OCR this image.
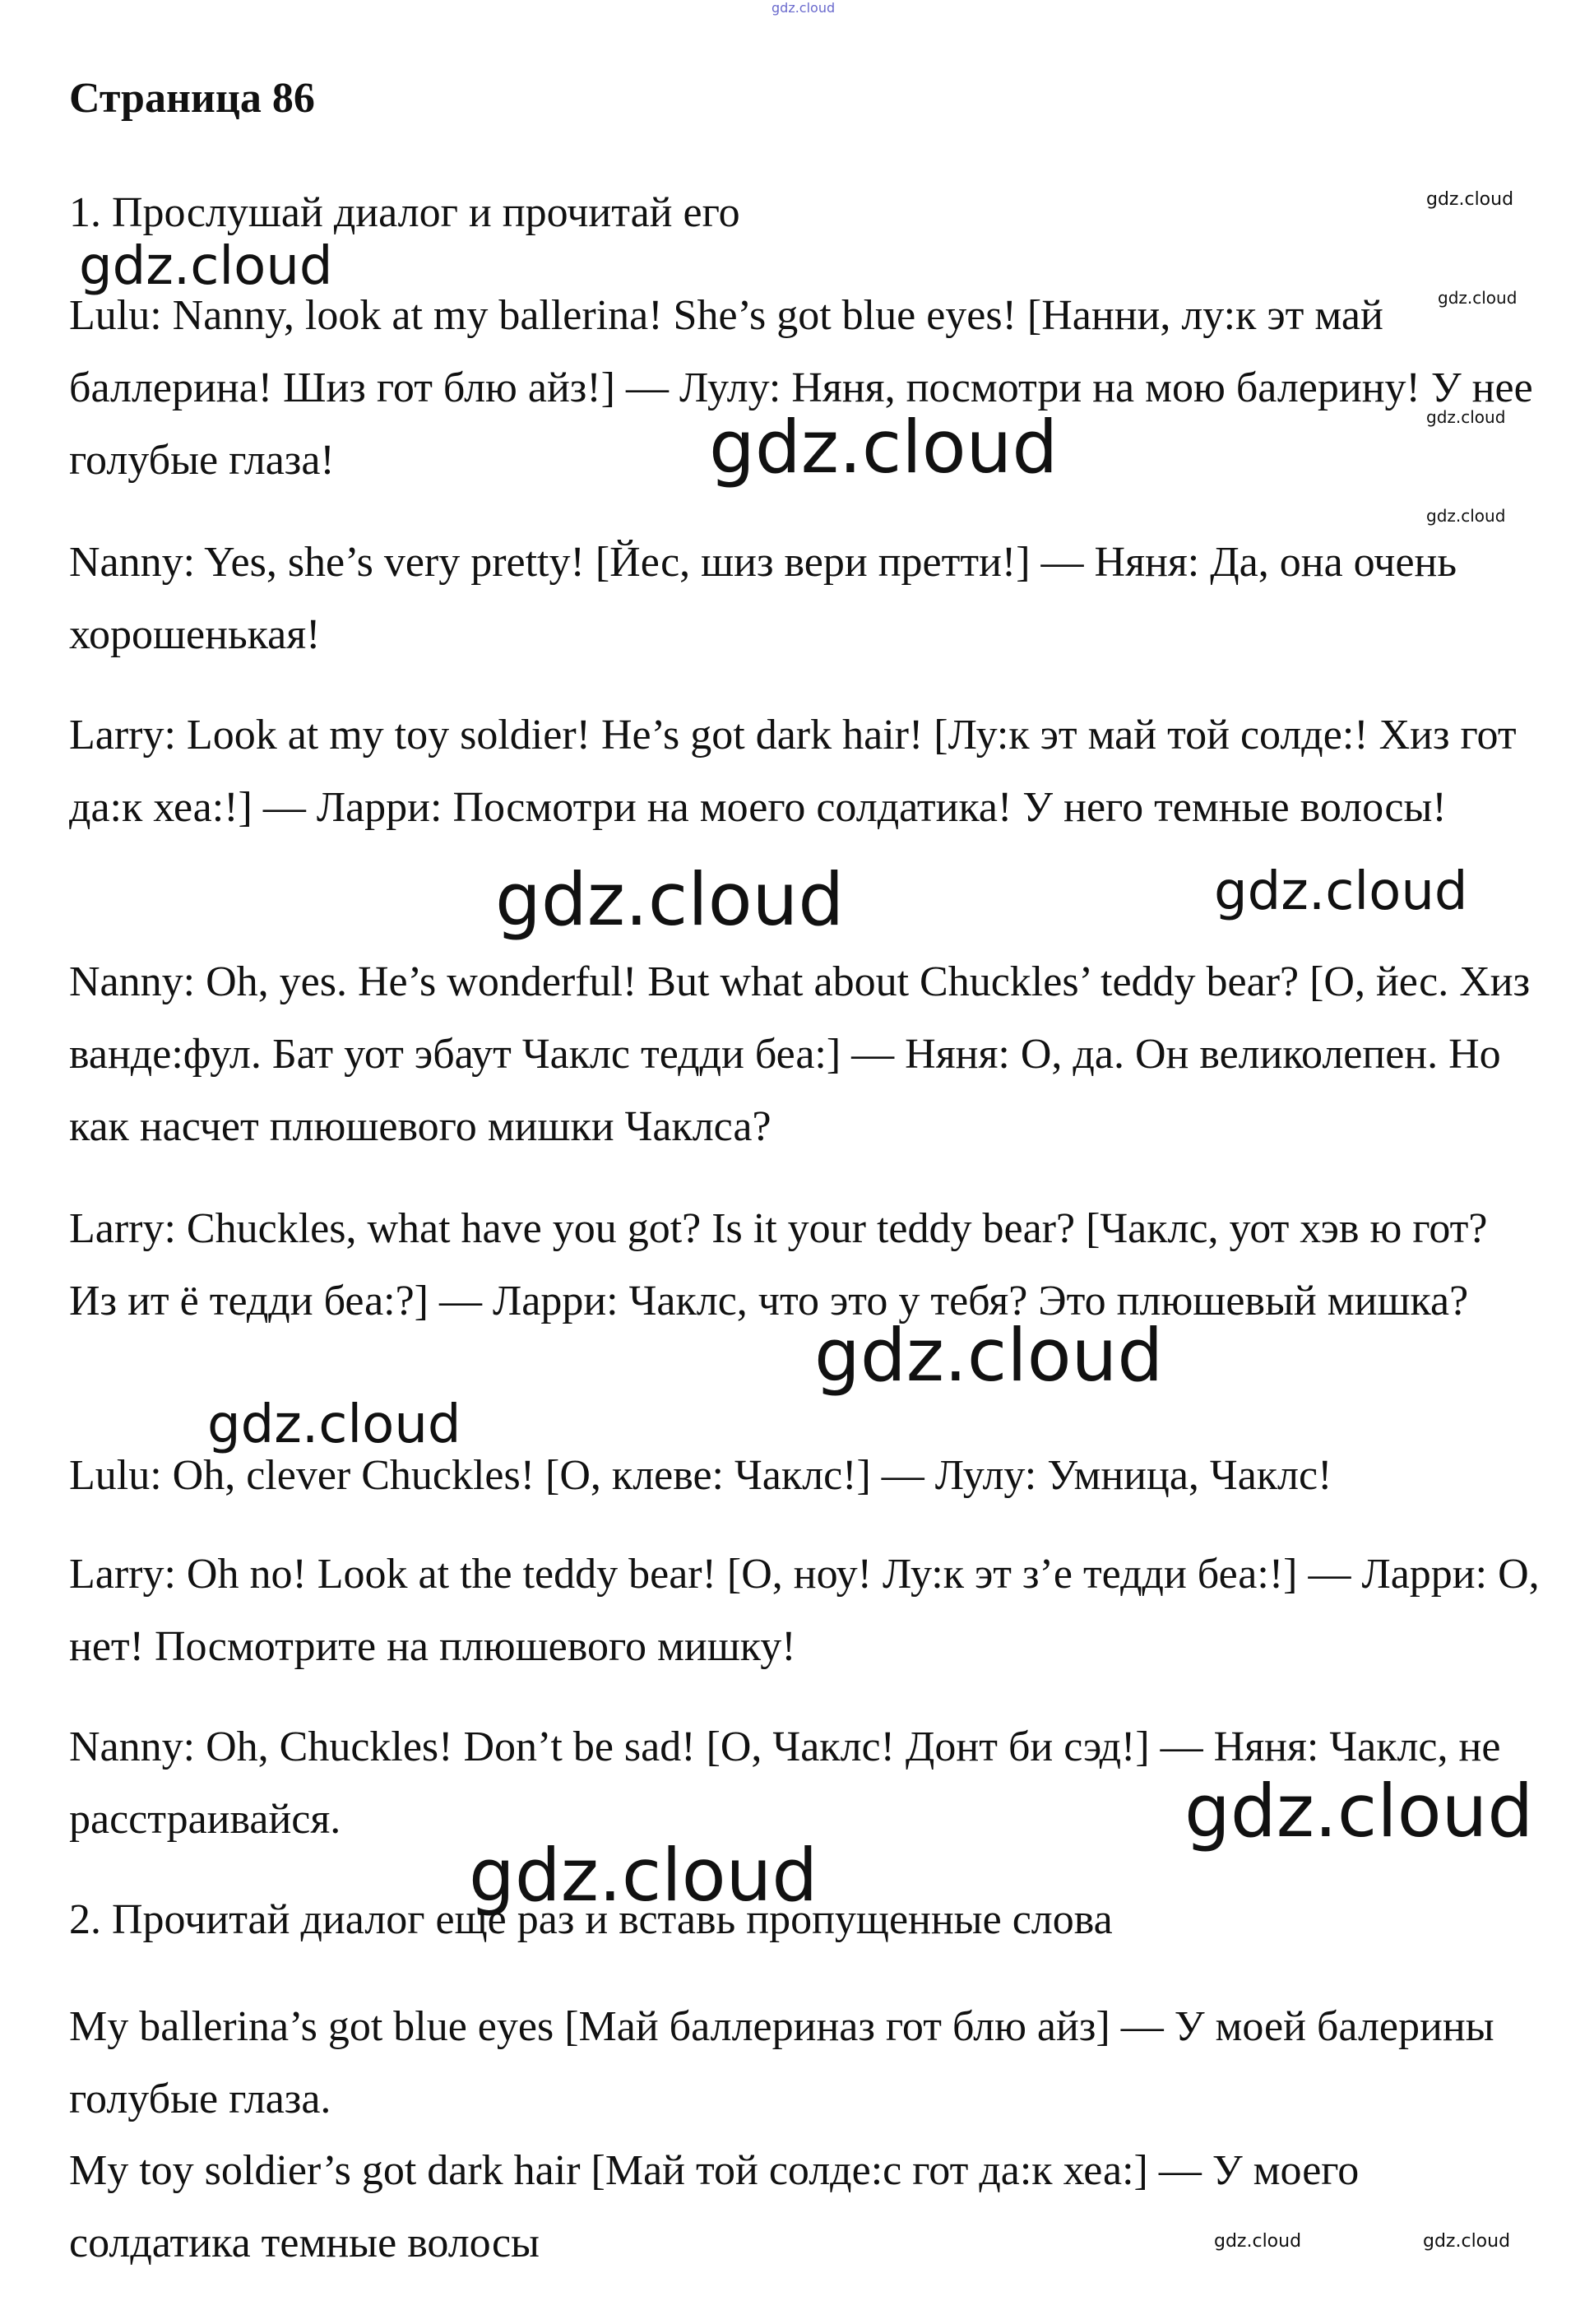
gdz.cloud
Страница 86

1. Прослушай диалог и прочитай его

Lulu: Nanny, look at my ballerina! She’s got blue eyes! [Нанни, лу:к эт май баллерина! Шиз гот блю айз!] — Лулу: Няня, посмотри на мою балерину! У нее голубые глаза!

Nanny: Yes, she’s very pretty! [Йес, шиз вери претти!] — Няня: Да, она очень хорошенькая!

Larry: Look at my toy soldier! He’s got dark hair! [Лу:к эт май той солде:! Хиз гот да:к хеа:!] — Ларри: Посмотри на моего солдатика! У него темные волосы!

Nanny: Oh, yes. He’s wonderful! But what about Chuckles’ teddy bear? [О, йес. Хиз ванде:фул. Бат уот эбаут Чаклс тедди беа:] — Няня: О, да. Он великолепен. Но как насчет плюшевого мишки Чаклса?

Larry: Chuckles, what have you got? Is it your teddy bear? [Чаклс, уот хэв ю гот? Из ит ё тедди беа:?] — Ларри: Чаклс, что это у тебя? Это плюшевый мишка?

Lulu: Oh, clever Chuckles! [О, клеве: Чаклс!] — Лулу: Умница, Чаклс!

Larry: Oh no! Look at the teddy bear! [О, ноу! Лу:к эт з’е тедди беа:!] — Ларри: О, нет! Посмотрите на плюшевого мишку!

Nanny: Oh, Chuckles! Don’t be sad! [О, Чаклс! Донт би сэд!] — Няня: Чаклс, не расстраивайся.

2. Прочитай диалог еще раз и вставь пропущенные слова

My ballerina’s got blue eyes [Май баллериназ гот блю айз] — У моей балерины голубые глаза.

My toy soldier’s got dark hair [Май той солде:с гот да:к хеа:] — У моего солдатика темные волосы

gdz.cloud
gdz.cloud
gdz.cloud
gdz.cloud
gdz.cloud
gdz.cloud
gdz.cloud	gdz.cloud
gdz.cloud
gdz.cloud
gdz.cloud
gdz.cloud
gdz.cloud	gdz.cloud
